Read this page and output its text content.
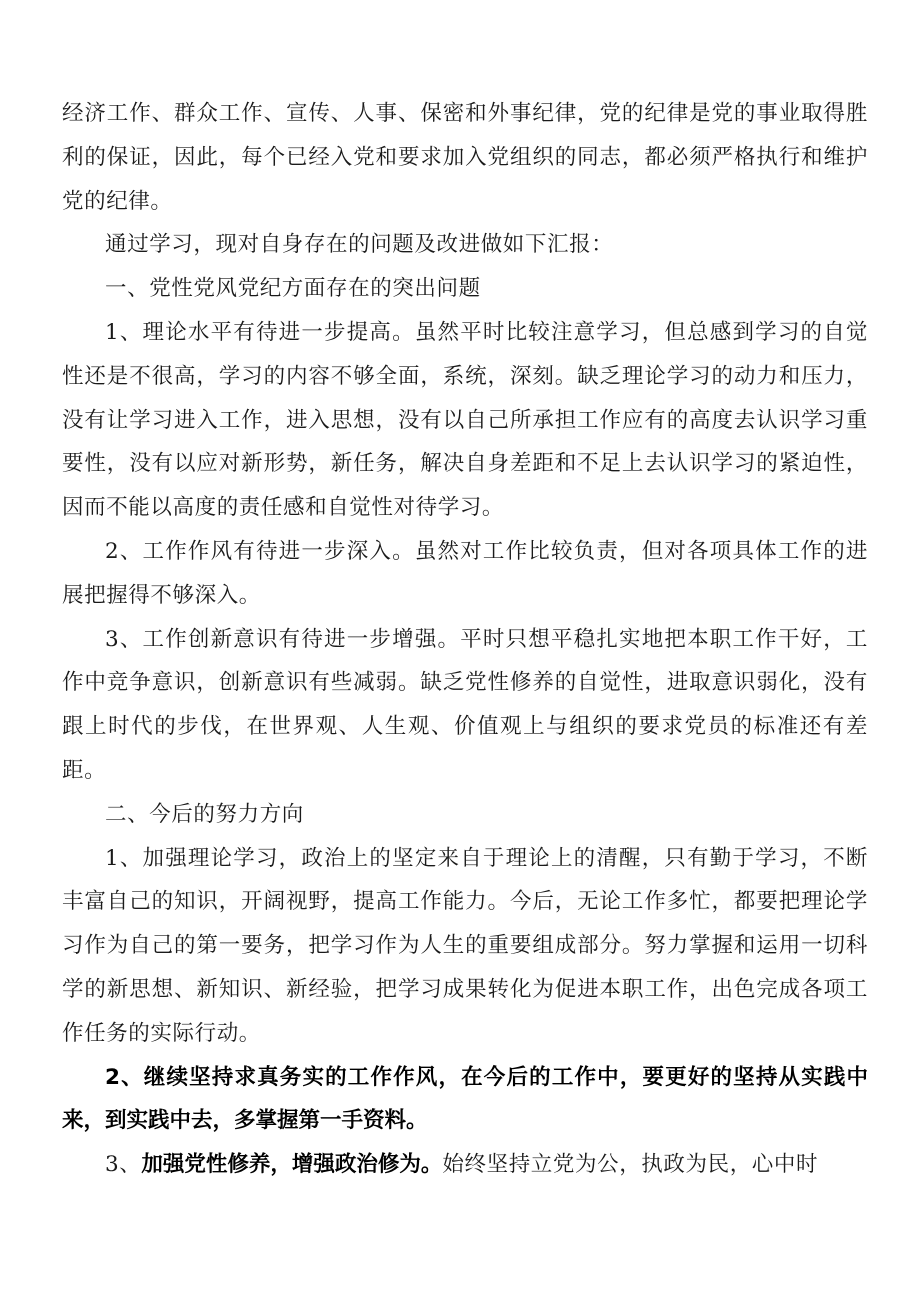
经济工作、群众工作、宣传、人事、保密和外事纪律，党的纪律是党的事业取得胜利的保证，因此，每个已经入党和要求加入党组织的同志，都必须严格执行和维护党的纪律。

通过学习，现对自身存在的问题及改进做如下汇报：

一、党性党风党纪方面存在的突出问题

1、理论水平有待进一步提高。虽然平时比较注意学习，但总感到学习的自觉性还是不很高，学习的内容不够全面，系统，深刻。缺乏理论学习的动力和压力，没有让学习进入工作，进入思想，没有以自己所承担工作应有的高度去认识学习重要性，没有以应对新形势，新任务，解决自身差距和不足上去认识学习的紧迫性，因而不能以高度的责任感和自觉性对待学习。

2、工作作风有待进一步深入。虽然对工作比较负责，但对各项具体工作的进展把握得不够深入。

3、工作创新意识有待进一步增强。平时只想平稳扎实地把本职工作干好，工作中竞争意识，创新意识有些减弱。缺乏党性修养的自觉性，进取意识弱化，没有跟上时代的步伐，在世界观、人生观、价值观上与组织的要求党员的标准还有差距。

二、今后的努力方向

1、加强理论学习，政治上的坚定来自于理论上的清醒，只有勤于学习，不断丰富自己的知识，开阔视野，提高工作能力。今后，无论工作多忙，都要把理论学习作为自己的第一要务，把学习作为人生的重要组成部分。努力掌握和运用一切科学的新思想、新知识、新经验，把学习成果转化为促进本职工作，出色完成各项工作任务的实际行动。

2、继续坚持求真务实的工作作风，在今后的工作中，要更好的坚持从实践中来，到实践中去，多掌握第一手资料。

3、加强党性修养，增强政治修为。始终坚持立党为公，执政为民，心中时
